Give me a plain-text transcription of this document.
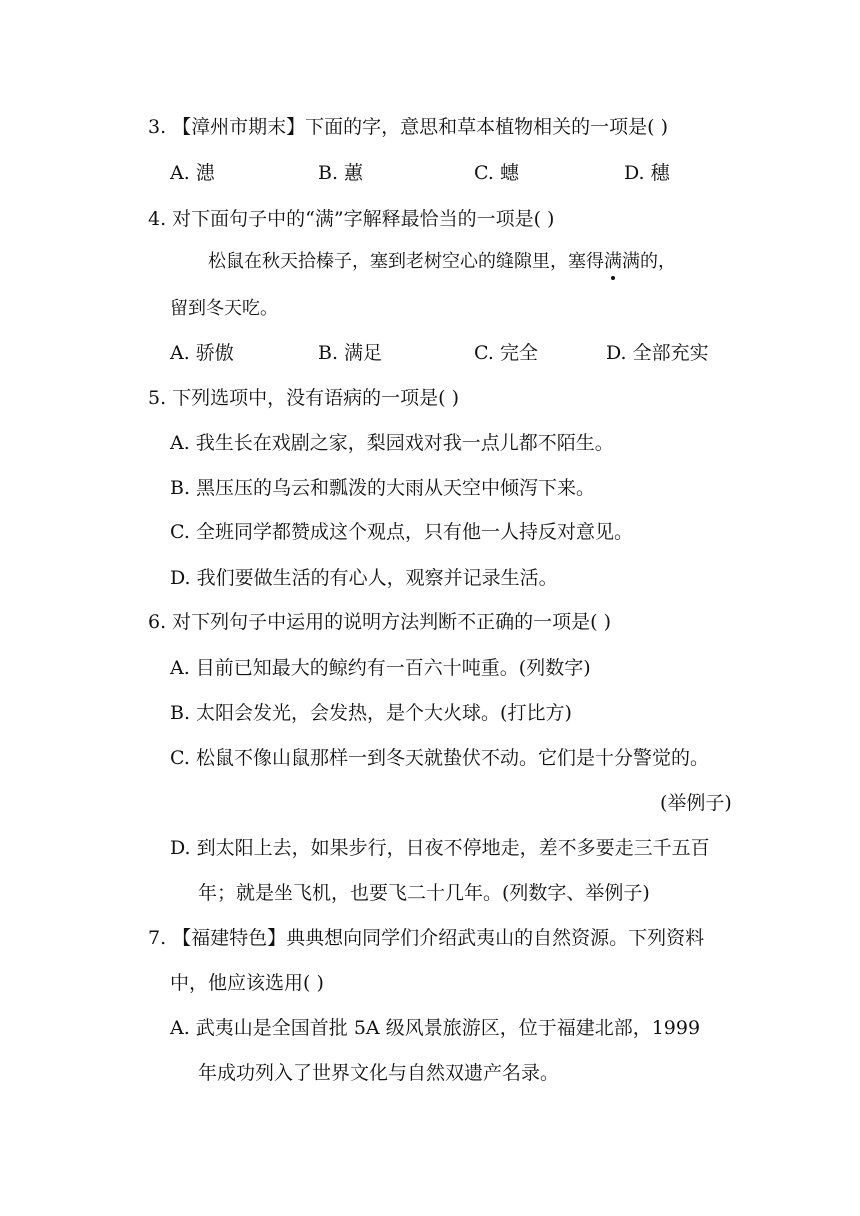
3. 【漳州市期末】下面的字，意思和草本植物相关的一项是( )
A. 漶	B. 蕙	C. 蟪	D. 穗
4. 对下面句子中的“满”字解释最恰当的一项是( )
松鼠在秋天拾榛子，塞到老树空心的缝隙里，塞得满满的，
留到冬天吃。
A. 骄傲	B. 满足	C. 完全	D. 全部充实
5. 下列选项中，没有语病的一项是( )
A. 我生长在戏剧之家，梨园戏对我一点儿都不陌生。
B. 黑压压的乌云和瓢泼的大雨从天空中倾泻下来。
C. 全班同学都赞成这个观点，只有他一人持反对意见。
D. 我们要做生活的有心人，观察并记录生活。
6. 对下列句子中运用的说明方法判断不正确的一项是( )
A. 目前已知最大的鲸约有一百六十吨重。(列数字)
B. 太阳会发光，会发热，是个大火球。(打比方)
C. 松鼠不像山鼠那样一到冬天就蛰伏不动。它们是十分警觉的。
(举例子)
D. 到太阳上去，如果步行，日夜不停地走，差不多要走三千五百
年；就是坐飞机，也要飞二十几年。(列数字、举例子)
7. 【福建特色】典典想向同学们介绍武夷山的自然资源。下列资料
中，他应该选用( )
A. 武夷山是全国首批 5A 级风景旅游区，位于福建北部，1999
年成功列入了世界文化与自然双遗产名录。
